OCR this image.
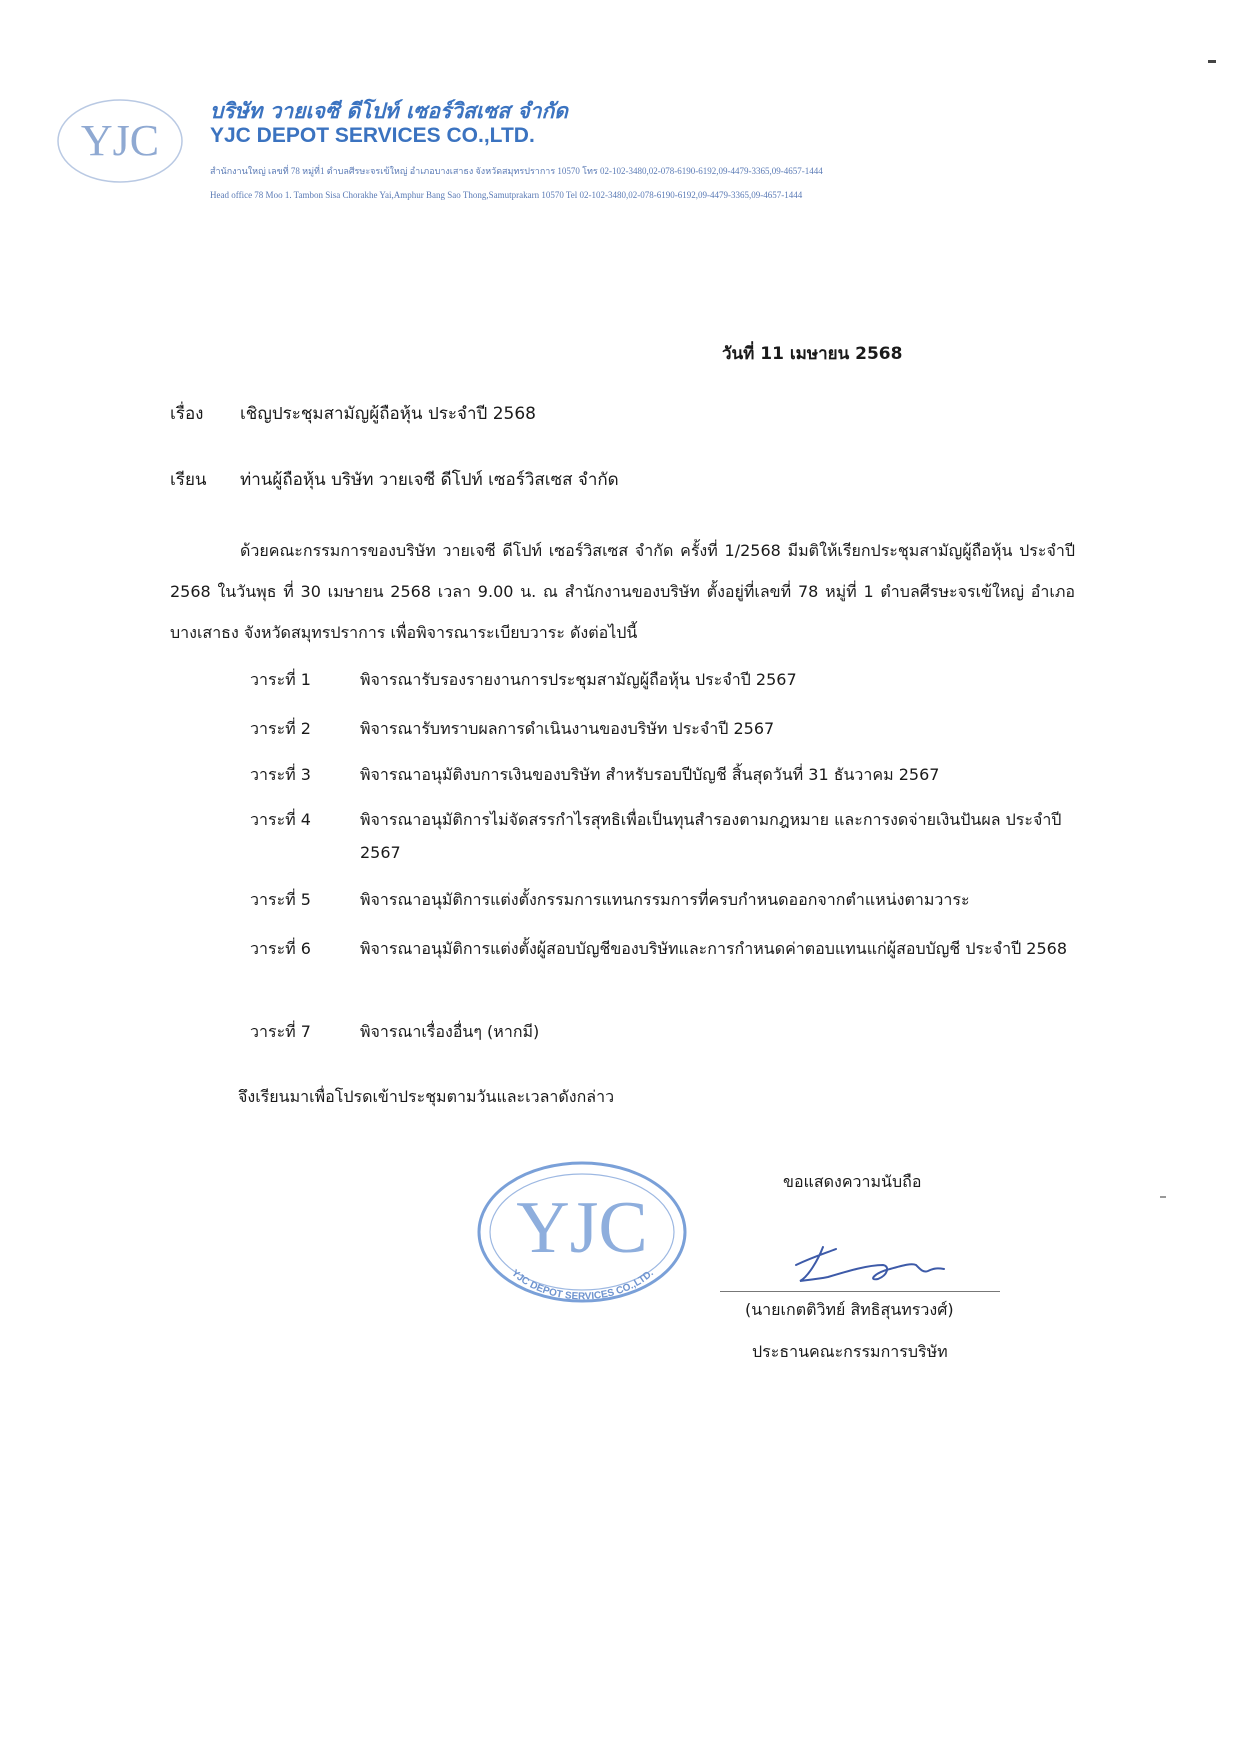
YJC
บริษัท วายเจซี ดีโปท์ เซอร์วิสเซส จำกัด
YJC DEPOT SERVICES CO.,LTD.
สำนักงานใหญ่ เลขที่ 78 หมู่ที่1 ตำบลศีรษะจรเข้ใหญ่ อำเภอบางเสาธง จังหวัดสมุทรปราการ 10570 โทร 02-102-3480,02-078-6190-6192,09-4479-3365,09-4657-1444
Head office 78 Moo 1. Tambon Sisa Chorakhe Yai,Amphur Bang Sao Thong,Samutprakarn 10570 Tel 02-102-3480,02-078-6190-6192,09-4479-3365,09-4657-1444
วันที่ 11 เมษายน 2568
เรื่อง เชิญประชุมสามัญผู้ถือหุ้น ประจำปี 2568
เรียน ท่านผู้ถือหุ้น บริษัท วายเจซี ดีโปท์ เซอร์วิสเซส จำกัด
ด้วยคณะกรรมการของบริษัท วายเจซี ดีโปท์ เซอร์วิสเซส จำกัด ครั้งที่ 1/2568 มีมติให้เรียกประชุมสามัญผู้ถือหุ้น ประจำปี 2568 ในวันพุธ ที่ 30 เมษายน 2568 เวลา 9.00 น. ณ สำนักงานของบริษัท ตั้งอยู่ที่เลขที่ 78 หมู่ที่ 1 ตำบลศีรษะจรเข้ใหญ่ อำเภอบางเสาธง จังหวัดสมุทรปราการ เพื่อพิจารณาระเบียบวาระ ดังต่อไปนี้
วาระที่ 1	พิจารณารับรองรายงานการประชุมสามัญผู้ถือหุ้น ประจำปี 2567
วาระที่ 2	พิจารณารับทราบผลการดำเนินงานของบริษัท ประจำปี 2567
วาระที่ 3	พิจารณาอนุมัติงบการเงินของบริษัท สำหรับรอบปีบัญชี สิ้นสุดวันที่ 31 ธันวาคม 2567
วาระที่ 4	พิจารณาอนุมัติการไม่จัดสรรกำไรสุทธิเพื่อเป็นทุนสำรองตามกฎหมาย และการงดจ่ายเงินปันผล ประจำปี 2567
วาระที่ 5	พิจารณาอนุมัติการแต่งตั้งกรรมการแทนกรรมการที่ครบกำหนดออกจากตำแหน่งตามวาระ
วาระที่ 6	พิจารณาอนุมัติการแต่งตั้งผู้สอบบัญชีของบริษัทและการกำหนดค่าตอบแทนแก่ผู้สอบบัญชี ประจำปี 2568
วาระที่ 7	พิจารณาเรื่องอื่นๆ (หากมี)
จึงเรียนมาเพื่อโปรดเข้าประชุมตามวันและเวลาดังกล่าว
YJC
YJC DEPOT SERVICES CO.,LTD.
ขอแสดงความนับถือ
(นายเกตติวิทย์ สิทธิสุนทรวงศ์)
ประธานคณะกรรมการบริษัท
